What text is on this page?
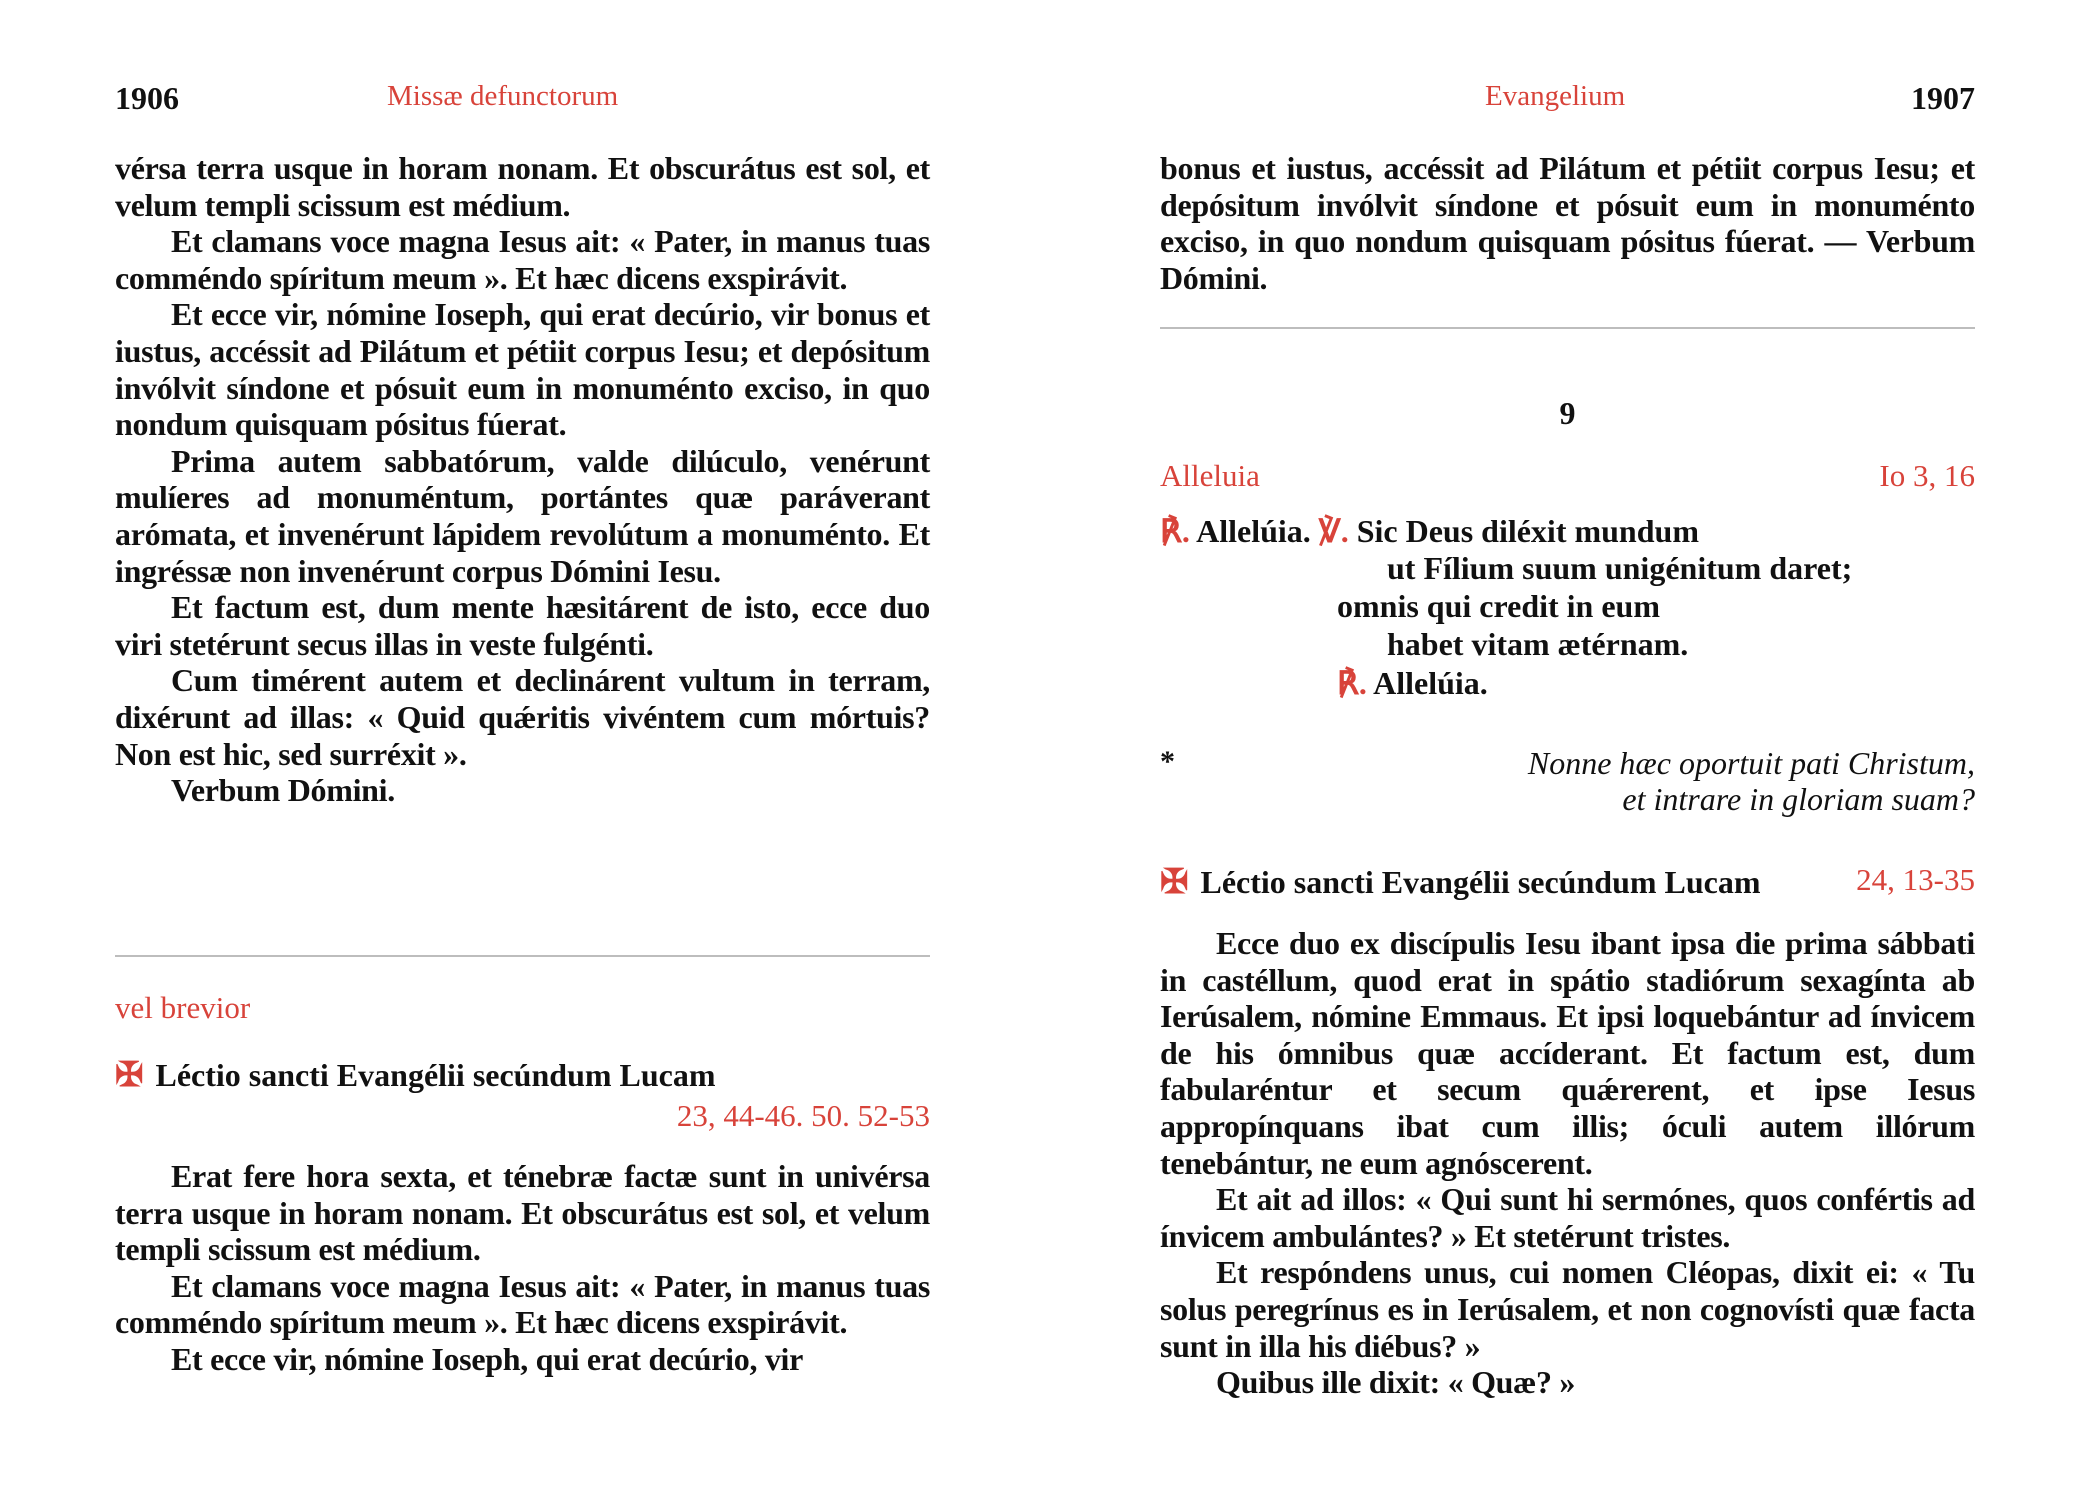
1906	Missæ defunctorum

vérsa terra usque in horam nonam. Et obscurátus est sol, et velum templi scissum est médium.

Et clamans voce magna Iesus ait: « Pater, in manus tuas comméndo spíritum meum ». Et hæc dicens exspirávit.

Et ecce vir, nómine Ioseph, qui erat decúrio, vir bonus et iustus, accéssit ad Pilátum et pétiit corpus Iesu; et depósitum invólvit síndone et pósuit eum in monuménto exciso, in quo nondum quisquam pósitus fúerat.

Prima autem sabbatórum, valde dilúculo, venérunt mulíeres ad monuméntum, portántes quæ paráverant arómata, et invenérunt lápidem revolútum a monuménto. Et ingréssæ non invenérunt corpus Dómini Iesu.

Et factum est, dum mente hæsitárent de isto, ecce duo viri stetérunt secus illas in veste fulgénti.

Cum timérent autem et declinárent vultum in terram, dixérunt ad illas: « Quid quǽritis vivéntem cum mórtuis? Non est hic, sed surréxit ».

Verbum Dómini.

vel brevior
✠ Léctio sancti Evangélii secúndum Lucam
23, 44-46. 50. 52-53

Erat fere hora sexta, et ténebræ factæ sunt in univérsa terra usque in horam nonam. Et obscurátus est sol, et velum templi scissum est médium.

Et clamans voce magna Iesus ait: « Pater, in manus tuas comméndo spíritum meum ». Et hæc dicens exspirávit.

Et ecce vir, nómine Ioseph, qui erat decúrio, vir

Evangelium	1907

bonus et iustus, accéssit ad Pilátum et pétiit corpus Iesu; et depósitum invólvit síndone et pósuit eum in monuménto exciso, in quo nondum quisquam pósitus fúerat. — Verbum Dómini.

9
Alleluia	Io 3, 16
℟. Allelúia. ℣. Sic Deus diléxit mundum
ut Fílium suum unigénitum daret;
omnis qui credit in eum
habet vitam ætérnam.
℟. Allelúia.
*	Nonne hæc oportuit pati Christum,
et intrare in gloriam suam?
✠ Léctio sancti Evangélii secúndum Lucam	24, 13-35

Ecce duo ex discípulis Iesu ibant ipsa die prima sábbati in castéllum, quod erat in spátio stadiórum sexagínta ab Ierúsalem, nómine Emmaus. Et ipsi loquebántur ad ínvicem de his ómnibus quæ accíderant. Et factum est, dum fabularéntur et secum quǽrerent, et ipse Iesus appropínquans ibat cum illis; óculi autem illórum tenebántur, ne eum agnóscerent.

Et ait ad illos: « Qui sunt hi sermónes, quos confértis ad ínvicem ambulántes? » Et stetérunt tristes.

Et respóndens unus, cui nomen Cléopas, dixit ei: « Tu solus peregrínus es in Ierúsalem, et non cognovísti quæ facta sunt in illa his diébus? »

Quibus ille dixit: « Quæ? »
